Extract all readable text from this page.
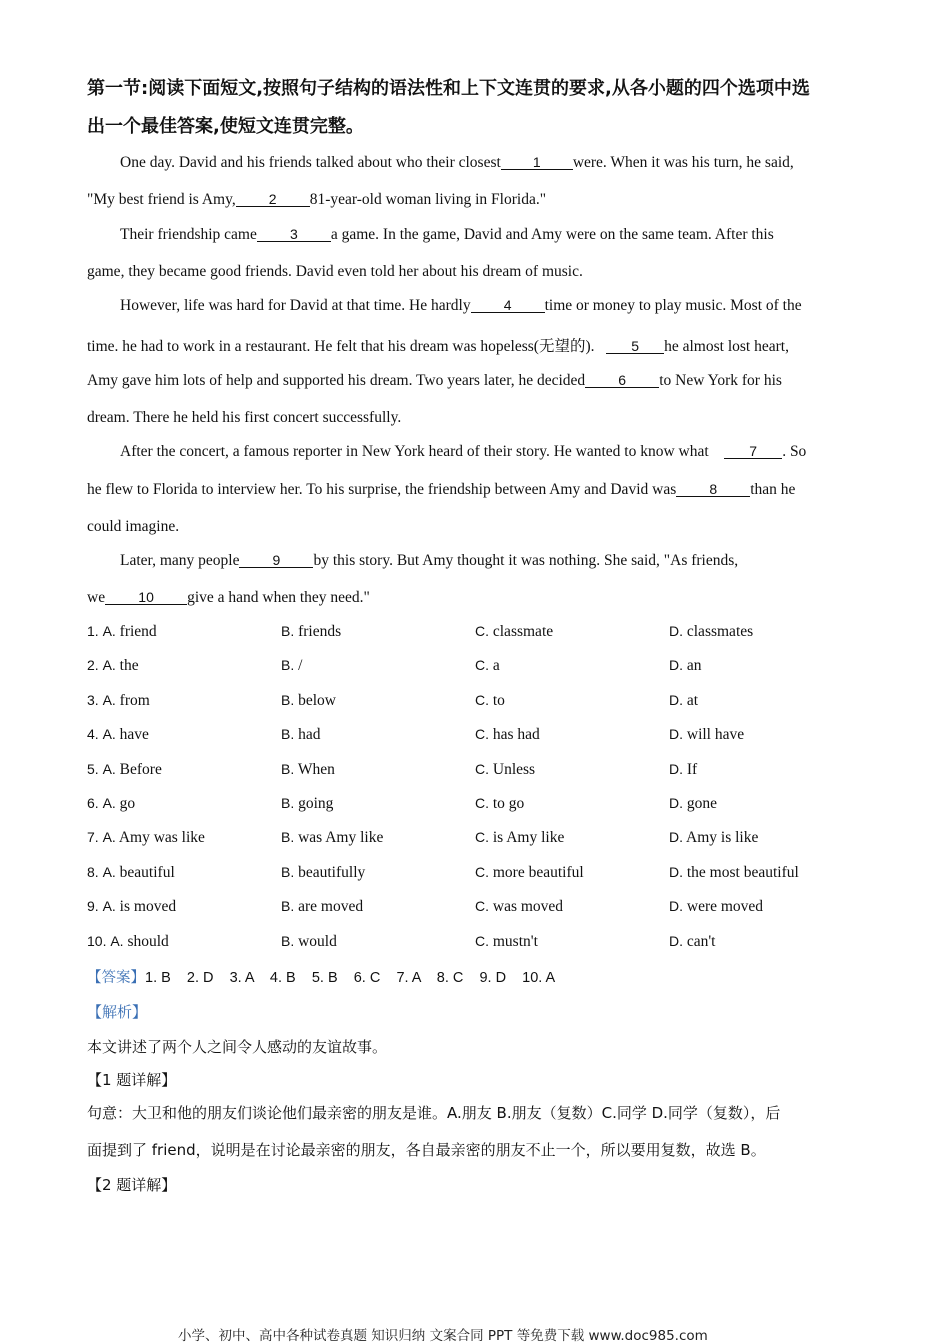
第一节:阅读下面短文,按照句子结构的语法性和上下文连贯的要求,从各小题的四个选项中选
出一个最佳答案,使短文连贯完整。
One day. David and his friends talked about who their closest 1 were. When it was his turn, he said,
"My best friend is Amy, 2 81-year-old woman living in Florida."
Their friendship came 3 a game. In the game, David and Amy were on the same team. After this
game, they became good friends. David even told her about his dream of music.
However, life was hard for David at that time. He hardly 4 time or money to play music. Most of the
time. he had to work in a restaurant. He felt that his dream was hopeless(无望的).	5 he almost lost heart,
Amy gave him lots of help and supported his dream. Two years later, he decided 6 to New York for his
dream. There he held his first concert successfully.
After the concert, a famous reporter in New York heard of their story. He wanted to know what	7 . So
he flew to Florida to interview her. To his surprise, the friendship between Amy and David was 8 than he
could imagine.
Later, many people 9 by this story. But Amy thought it was nothing. She said, "As friends,
we 10 give a hand when they need."
1. A. friend	B. friends	C. classmate	D. classmates
2. A. the	B. /	C. a	D. an
3. A. from	B. below	C. to	D. at
4. A. have	B. had	C. has had	D. will have
5. A. Before	B. When	C. Unless	D. If
6. A. go	B. going	C. to go	D. gone
7. A. Amy was like	B. was Amy like	C. is Amy like	D. Amy is like
8. A. beautiful	B. beautifully	C. more beautiful	D. the most beautiful
9. A. is moved	B. are moved	C. was moved	D. were moved
10. A. should	B. would	C. mustn't	D. can't
【答案】1. B    2. D    3. A    4. B    5. B    6. C    7. A    8. C    9. D    10. A
【解析】
本文讲述了两个人之间令人感动的友谊故事。
【1 题详解】
句意：大卫和他的朋友们谈论他们最亲密的朋友是谁。A.朋友 B.朋友（复数）C.同学 D.同学（复数），后
面提到了 friend，说明是在讨论最亲密的朋友，各自最亲密的朋友不止一个，所以要用复数，故选 B。
【2 题详解】
小学、初中、高中各种试卷真题 知识归纳 文案合同 PPT 等免费下载 www.doc985.com
